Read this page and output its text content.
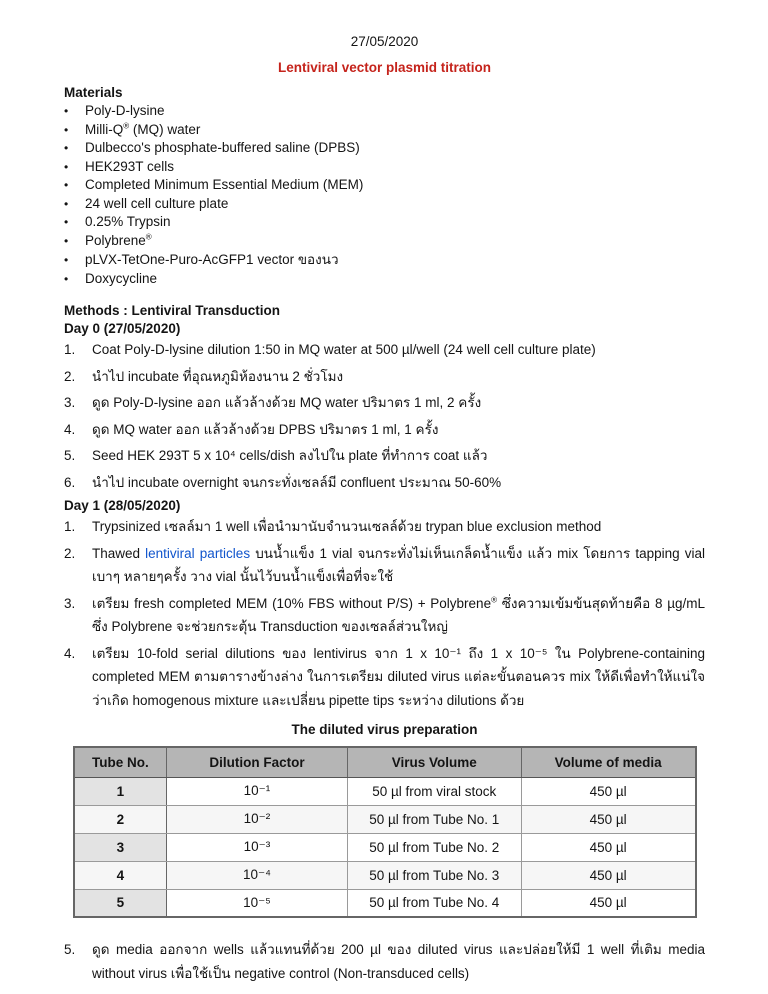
27/05/2020
Lentiviral vector plasmid titration
Materials
•	Poly-D-lysine
•	Milli-Q® (MQ) water
•	Dulbecco's phosphate-buffered saline (DPBS)
•	HEK293T cells
•	Completed Minimum Essential Medium (MEM)
•	24 well cell culture plate
•	0.25% Trypsin
•	Polybrene®
•	pLVX-TetOne-Puro-AcGFP1 vector ของนว
•	Doxycycline
Methods : Lentiviral Transduction
Day 0 (27/05/2020)
1.	Coat Poly-D-lysine dilution 1:50 in MQ water at 500 µl/well (24 well cell culture plate)
2.	นำไป incubate ที่อุณหภูมิห้องนาน 2 ชั่วโมง
3.	ดูด Poly-D-lysine ออก แล้วล้างด้วย MQ water ปริมาตร 1 ml, 2 ครั้ง
4.	ดูด MQ water ออก แล้วล้างด้วย DPBS ปริมาตร 1 ml, 1 ครั้ง
5.	Seed HEK 293T 5 x 10⁴ cells/dish ลงไปใน plate ที่ทำการ coat แล้ว
6.	นำไป incubate overnight จนกระทั่งเซลล์มี confluent ประมาณ 50-60%
Day 1 (28/05/2020)
1.	Trypsinized เซลล์มา 1 well เพื่อนำมานับจำนวนเซลล์ด้วย trypan blue exclusion method
2.	Thawed lentiviral particles บนน้ำแข็ง 1 vial จนกระทั่งไม่เห็นเกล็ดน้ำแข็ง แล้ว mix โดยการ tapping vial เบาๆ หลายๆครั้ง วาง vial นั้นไว้บนน้ำแข็งเพื่อที่จะใช้
3.	เตรียม fresh completed MEM (10% FBS without P/S) + Polybrene® ซึ่งความเข้มข้นสุดท้ายคือ 8 µg/mL ซึ่ง Polybrene จะช่วยกระตุ้น Transduction ของเซลล์ส่วนใหญ่
4.	เตรียม 10-fold serial dilutions ของ lentivirus จาก 1 x 10⁻¹ ถึง 1 x 10⁻⁵ ใน Polybrene-containing completed MEM ตามตารางข้างล่าง ในการเตรียม diluted virus แต่ละขั้นตอนควร mix ให้ดีเพื่อทำให้แน่ใจว่าเกิด homogenous mixture และเปลี่ยน pipette tips ระหว่าง dilutions ด้วย
The diluted virus preparation
Tube No.	Dilution Factor	Virus Volume	Volume of media
1	10⁻¹	50 µl from viral stock	450 µl
2	10⁻²	50 µl from Tube No. 1	450 µl
3	10⁻³	50 µl from Tube No. 2	450 µl
4	10⁻⁴	50 µl from Tube No. 3	450 µl
5	10⁻⁵	50 µl from Tube No. 4	450 µl
5.	ดูด media ออกจาก wells แล้วแทนที่ด้วย 200 µl ของ diluted virus และปล่อยให้มี 1 well ที่เติม media without virus เพื่อใช้เป็น negative control (Non-transduced cells)
